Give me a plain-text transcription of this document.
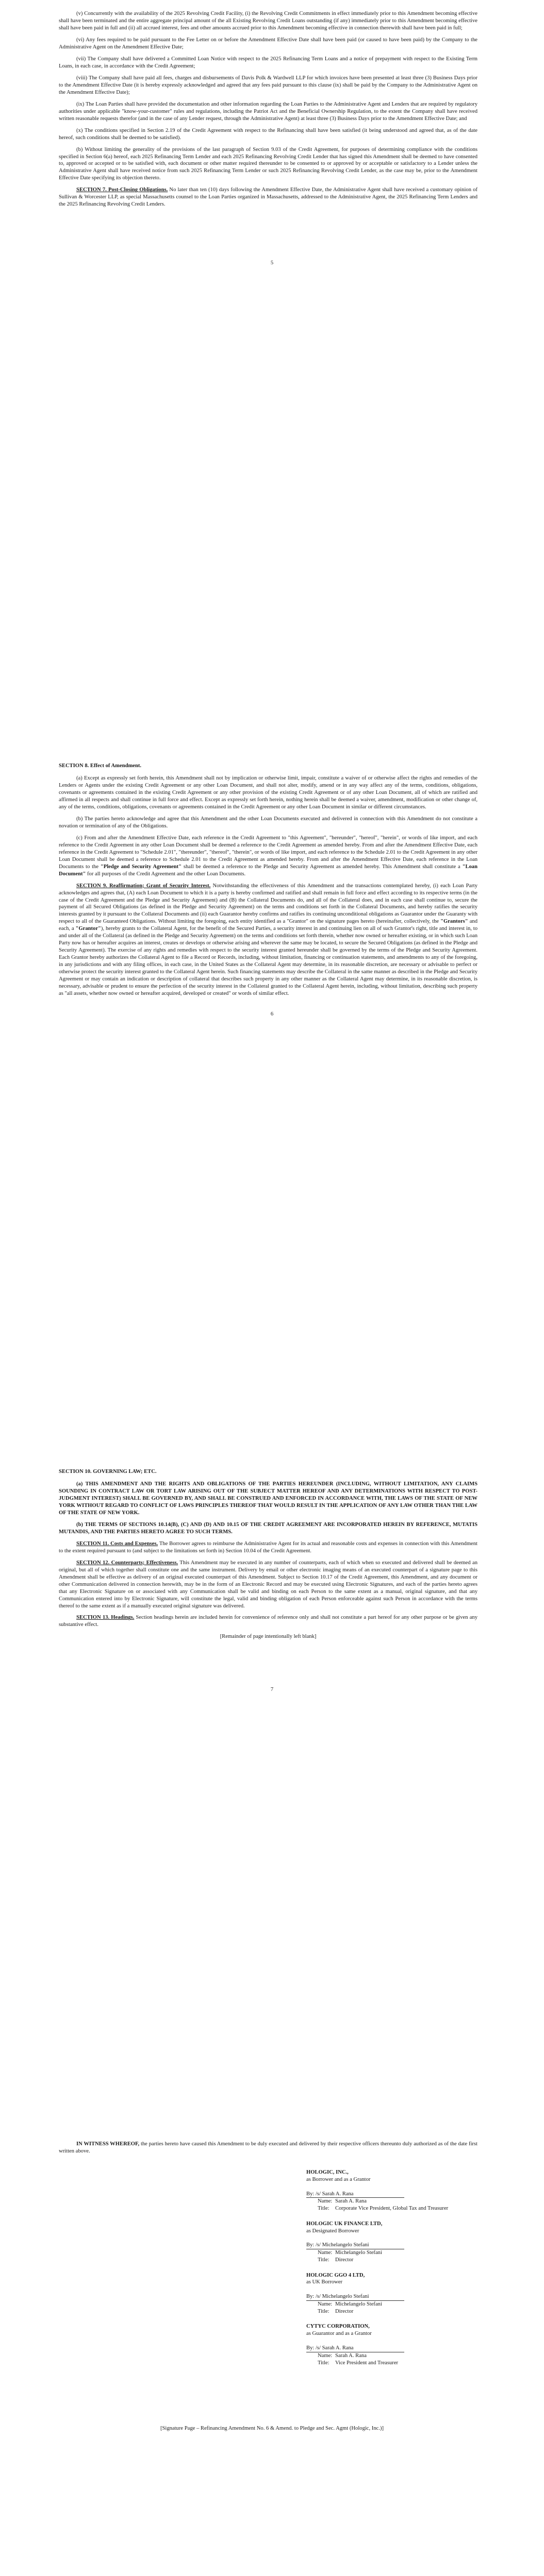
(v) Concurrently with the availability of the 2025 Revolving Credit Facility, (i) the Revolving Credit Commitments in effect immediately prior to this Amendment becoming effective shall have been terminated and the entire aggregate principal amount of the all Existing Revolving Credit Loans outstanding (if any) immediately prior to this Amendment becoming effective shall have been paid in full and (ii) all accrued interest, fees and other amounts accrued prior to this Amendment becoming effective in connection therewith shall have been paid in full;

(vi) Any fees required to be paid pursuant to the Fee Letter on or before the Amendment Effective Date shall have been paid (or caused to have been paid) by the Company to the Administrative Agent on the Amendment Effective Date;

(vii) The Company shall have delivered a Committed Loan Notice with respect to the 2025 Refinancing Term Loans and a notice of prepayment with respect to the Existing Term Loans, in each case, in accordance with the Credit Agreement;

(viii) The Company shall have paid all fees, charges and disbursements of Davis Polk & Wardwell LLP for which invoices have been presented at least three (3) Business Days prior to the Amendment Effective Date (it is hereby expressly acknowledged and agreed that any fees paid pursuant to this clause (ix) shall be paid by the Company to the Administrative Agent on the Amendment Effective Date);

(ix) The Loan Parties shall have provided the documentation and other information regarding the Loan Parties to the Administrative Agent and Lenders that are required by regulatory authorities under applicable "know-your-customer" rules and regulations, including the Patriot Act and the Beneficial Ownership Regulation, to the extent the Company shall have received written reasonable requests therefor (and in the case of any Lender request, through the Administrative Agent) at least three (3) Business Days prior to the Amendment Effective Date; and

(x) The conditions specified in Section 2.19 of the Credit Agreement with respect to the Refinancing shall have been satisfied (it being understood and agreed that, as of the date hereof, such conditions shall be deemed to be satisfied).

(b) Without limiting the generality of the provisions of the last paragraph of Section 9.03 of the Credit Agreement, for purposes of determining compliance with the conditions specified in Section 6(a) hereof, each 2025 Refinancing Term Lender and each 2025 Refinancing Revolving Credit Lender that has signed this Amendment shall be deemed to have consented to, approved or accepted or to be satisfied with, each document or other matter required thereunder to be consented to or approved by or acceptable or satisfactory to a Lender unless the Administrative Agent shall have received notice from such 2025 Refinancing Term Lender or such 2025 Refinancing Revolving Credit Lender, as the case may be, prior to the Amendment Effective Date specifying its objection thereto.

SECTION 7. Post-Closing Obligations. No later than ten (10) days following the Amendment Effective Date, the Administrative Agent shall have received a customary opinion of Sullivan & Worcester LLP, as special Massachusetts counsel to the Loan Parties organized in Massachusetts, addressed to the Administrative Agent, the 2025 Refinancing Term Lenders and the 2025 Refinancing Revolving Credit Lenders.

5

SECTION 8. Effect of Amendment.

(a) Except as expressly set forth herein, this Amendment shall not by implication or otherwise limit, impair, constitute a waiver of or otherwise affect the rights and remedies of the Lenders or Agents under the existing Credit Agreement or any other Loan Document, and shall not alter, modify, amend or in any way affect any of the terms, conditions, obligations, covenants or agreements contained in the existing Credit Agreement or any other provision of the existing Credit Agreement or of any other Loan Document, all of which are ratified and affirmed in all respects and shall continue in full force and effect. Except as expressly set forth herein, nothing herein shall be deemed a waiver, amendment, modification or other change of, any of the terms, conditions, obligations, covenants or agreements contained in the Credit Agreement or any other Loan Document in similar or different circumstances.

(b) The parties hereto acknowledge and agree that this Amendment and the other Loan Documents executed and delivered in connection with this Amendment do not constitute a novation or termination of any of the Obligations.

(c) From and after the Amendment Effective Date, each reference in the Credit Agreement to "this Agreement", "hereunder", "hereof", "herein", or words of like import, and each reference to the Credit Agreement in any other Loan Document shall be deemed a reference to the Credit Agreement as amended hereby. From and after the Amendment Effective Date, each reference in the Credit Agreement to "Schedule 2.01", "thereunder", "thereof", "therein", or words of like import, and each reference to the Schedule 2.01 to the Credit Agreement in any other Loan Document shall be deemed a reference to Schedule 2.01 to the Credit Agreement as amended hereby. From and after the Amendment Effective Date, each reference in the Loan Documents to the "Pledge and Security Agreement" shall be deemed a reference to the Pledge and Security Agreement as amended hereby. This Amendment shall constitute a "Loan Document" for all purposes of the Credit Agreement and the other Loan Documents.

SECTION 9. Reaffirmation; Grant of Security Interest. Notwithstanding the effectiveness of this Amendment and the transactions contemplated hereby, (i) each Loan Party acknowledges and agrees that, (A) each Loan Document to which it is a party is hereby confirmed and ratified and shall remain in full force and effect according to its respective terms (in the case of the Credit Agreement and the Pledge and Security Agreement) and (B) the Collateral Documents do, and all of the Collateral does, and in each case shall continue to, secure the payment of all Secured Obligations (as defined in the Pledge and Security Agreement) on the terms and conditions set forth in the Collateral Documents, and hereby ratifies the security interests granted by it pursuant to the Collateral Documents and (ii) each Guarantor hereby confirms and ratifies its continuing unconditional obligations as Guarantor under the Guaranty with respect to all of the Guaranteed Obligations. Without limiting the foregoing, each entity identified as a "Grantor" on the signature pages hereto (hereinafter, collectively, the "Grantors" and each, a "Grantor"), hereby grants to the Collateral Agent, for the benefit of the Secured Parties, a security interest in and continuing lien on all of such Grantor's right, title and interest in, to and under all of the Collateral (as defined in the Pledge and Security Agreement) on the terms and conditions set forth therein, whether now owned or hereafter existing, or in which such Loan Party now has or hereafter acquires an interest, creates or develops or otherwise arising and wherever the same may be located, to secure the Secured Obligations (as defined in the Pledge and Security Agreement). The exercise of any rights and remedies with respect to the security interest granted hereunder shall be governed by the terms of the Pledge and Security Agreement. Each Grantor hereby authorizes the Collateral Agent to file a Record or Records, including, without limitation, financing or continuation statements, and amendments to any of the foregoing, in any jurisdictions and with any filing offices, in each case, in the United States as the Collateral Agent may determine, in its reasonable discretion, are necessary or advisable to perfect or otherwise protect the security interest granted to the Collateral Agent herein. Such financing statements may describe the Collateral in the same manner as described in the Pledge and Security Agreement or may contain an indication or description of collateral that describes such property in any other manner as the Collateral Agent may determine, in its reasonable discretion, is necessary, advisable or prudent to ensure the perfection of the security interest in the Collateral granted to the Collateral Agent herein, including, without limitation, describing such property as "all assets, whether now owned or hereafter acquired, developed or created" or words of similar effect.

6

SECTION 10. GOVERNING LAW; ETC.

(a) THIS AMENDMENT AND THE RIGHTS AND OBLIGATIONS OF THE PARTIES HEREUNDER (INCLUDING, WITHOUT LIMITATION, ANY CLAIMS SOUNDING IN CONTRACT LAW OR TORT LAW ARISING OUT OF THE SUBJECT MATTER HEREOF AND ANY DETERMINATIONS WITH RESPECT TO POST-JUDGMENT INTEREST) SHALL BE GOVERNED BY, AND SHALL BE CONSTRUED AND ENFORCED IN ACCORDANCE WITH, THE LAWS OF THE STATE OF NEW YORK WITHOUT REGARD TO CONFLICT OF LAWS PRINCIPLES THEREOF THAT WOULD RESULT IN THE APPLICATION OF ANY LAW OTHER THAN THE LAW OF THE STATE OF NEW YORK.

(b) THE TERMS OF SECTIONS 10.14(B), (C) AND (D) AND 10.15 OF THE CREDIT AGREEMENT ARE INCORPORATED HEREIN BY REFERENCE, MUTATIS MUTANDIS, AND THE PARTIES HERETO AGREE TO SUCH TERMS.

SECTION 11. Costs and Expenses. The Borrower agrees to reimburse the Administrative Agent for its actual and reasonable costs and expenses in connection with this Amendment to the extent required pursuant to (and subject to the limitations set forth in) Section 10.04 of the Credit Agreement.

SECTION 12. Counterparts; Effectiveness. This Amendment may be executed in any number of counterparts, each of which when so executed and delivered shall be deemed an original, but all of which together shall constitute one and the same instrument. Delivery by email or other electronic imaging means of an executed counterpart of a signature page to this Amendment shall be effective as delivery of an original executed counterpart of this Amendment. Subject to Section 10.17 of the Credit Agreement, this Amendment, and any document or other Communication delivered in connection herewith, may be in the form of an Electronic Record and may be executed using Electronic Signatures, and each of the parties hereto agrees that any Electronic Signature on or associated with any Communication shall be valid and binding on each Person to the same extent as a manual, original signature, and that any Communication entered into by Electronic Signature, will constitute the legal, valid and binding obligation of each Person enforceable against such Person in accordance with the terms thereof to the same extent as if a manually executed original signature was delivered.

SECTION 13. Headings. Section headings herein are included herein for convenience of reference only and shall not constitute a part hereof for any other purpose or be given any substantive effect.

[Remainder of page intentionally left blank]

7

IN WITNESS WHEREOF, the parties hereto have caused this Amendment to be duly executed and delivered by their respective officers thereunto duly authorized as of the date first written above.

HOLOGIC, INC.,

as Borrower and as a Grantor

By: /s/ Sarah A. Rana

Name: Sarah A. Rana
Title:	Corporate Vice President, Global Tax and Treasurer

HOLOGIC UK FINANCE LTD,

as Designated Borrower

By: /s/ Michelangelo Stefani

Name: Michelangelo Stefani
Title:	Director

HOLOGIC GGO 4 LTD,

as UK Borrower

By: /s/ Michelangelo Stefani

Name: Michelangelo Stefani
Title:	Director

CYTYC CORPORATION,

as Guarantor and as a Grantor

By: /s/ Sarah A. Rana

Name: Sarah A. Rana
Title:	Vice President and Treasurer
[Signature Page – Refinancing Amendment No. 6 & Amend. to Pledge and Sec. Agmt (Hologic, Inc.)]
